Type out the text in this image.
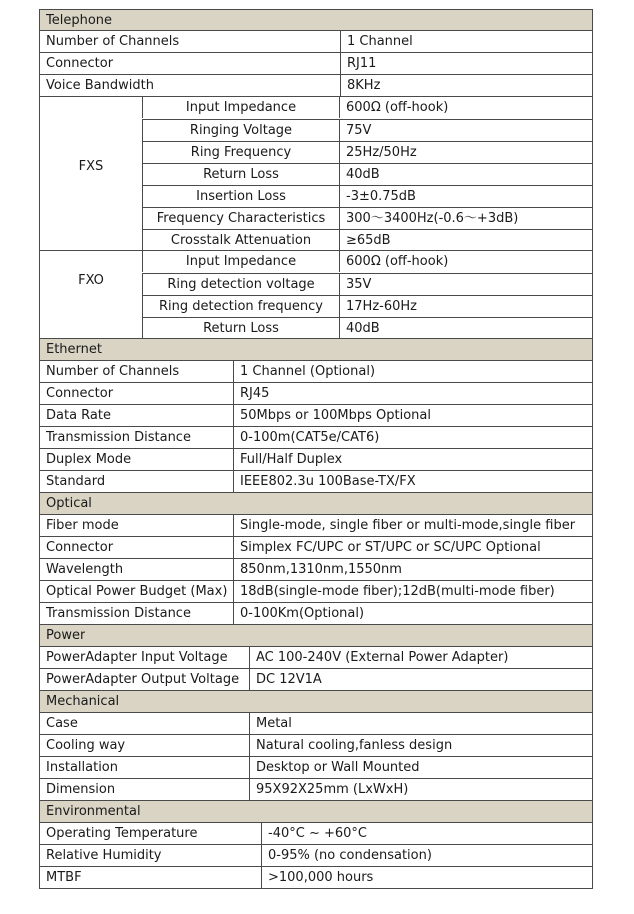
Telephone
Number of Channels	1 Channel
Connector	RJ11
Voice Bandwidth	8KHz
FXS
Input Impedance	600Ω (off-hook)
Ringing Voltage	75V
Ring Frequency	25Hz/50Hz
Return Loss	40dB
Insertion Loss	-3±0.75dB
Frequency Characteristics	300～3400Hz(-0.6～+3dB)
Crosstalk Attenuation	≥65dB
FXO
Input Impedance	600Ω (off-hook)
Ring detection voltage	35V
Ring detection frequency	17Hz-60Hz
Return Loss	40dB
Ethernet
Number of Channels	1 Channel (Optional)
Connector	RJ45
Data Rate	50Mbps or 100Mbps Optional
Transmission Distance	0-100m(CAT5e/CAT6)
Duplex Mode	Full/Half Duplex
Standard	IEEE802.3u 100Base-TX/FX
Optical
Fiber mode	Single-mode, single fiber or multi-mode,single fiber
Connector	Simplex FC/UPC or ST/UPC or SC/UPC Optional
Wavelength	850nm,1310nm,1550nm
Optical Power Budget (Max) 18dB(single-mode fiber);12dB(multi-mode fiber)
Transmission Distance	0-100Km(Optional)
Power
PowerAdapter Input Voltage	AC 100-240V (External Power Adapter)
PowerAdapter Output Voltage	DC 12V1A
Mechanical
Case	Metal
Cooling way	Natural cooling,fanless design
Installation	Desktop or Wall Mounted
Dimension	95X92X25mm (LxWxH)
Environmental
Operating Temperature	-40°C ~ +60°C
Relative Humidity	0-95% (no condensation)
MTBF	>100,000 hours
